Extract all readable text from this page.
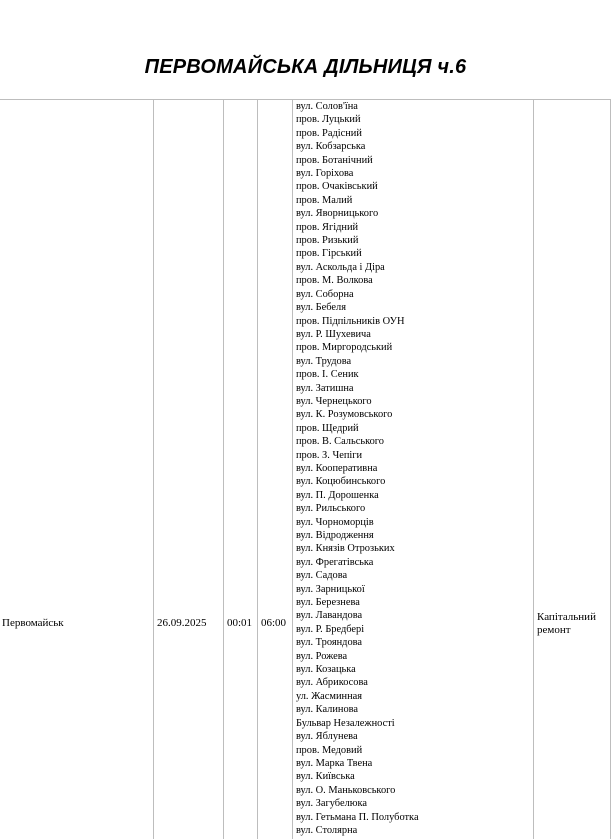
ПЕРВОМАЙСЬКА ДІЛЬНИЦЯ ч.6
Первомайськ	26.09.2025 00:01 06:00	Капітальний ремонт
вул. Солов'їна
пров. Луцький
пров. Радісний
вул. Кобзарська
пров. Ботанічний
вул. Горіхова
пров. Очаківський
пров. Малий
вул. Яворницького
пров. Ягідний
пров. Ризький
пров. Гірський
вул. Аскольда і Діра
пров. М. Волкова
вул. Соборна
вул. Бебеля
пров. Підпільників ОУН
вул. Р. Шухевича
пров. Миргородський
вул. Трудова
пров. І. Сеник
вул. Затишна
вул. Чернецького
вул. К. Розумовського
пров. Щедрий
пров. В. Сальського
пров. З. Чепіги
вул. Кооперативна
вул. Коцюбинського
вул. П. Дорошенка
вул. Рильського
вул. Чорноморців
вул. Відродження
вул. Князів Отрозьких
вул. Фрегатівська
вул. Садова
вул. Зарницької
вул. Березнева
вул. Лавандова
вул. Р. Бредбері
вул. Трояндова
вул. Рожева
вул. Козацька
вул. Абрикосова
ул. Жасминная
вул. Калинова
Бульвар Незалежності
вул. Яблунева
пров. Медовий
вул. Марка Твена
вул. Київська
вул. О. Маньковського
вул. Загубелюка
вул. Гетьмана П. Полуботка
вул. Столярна
